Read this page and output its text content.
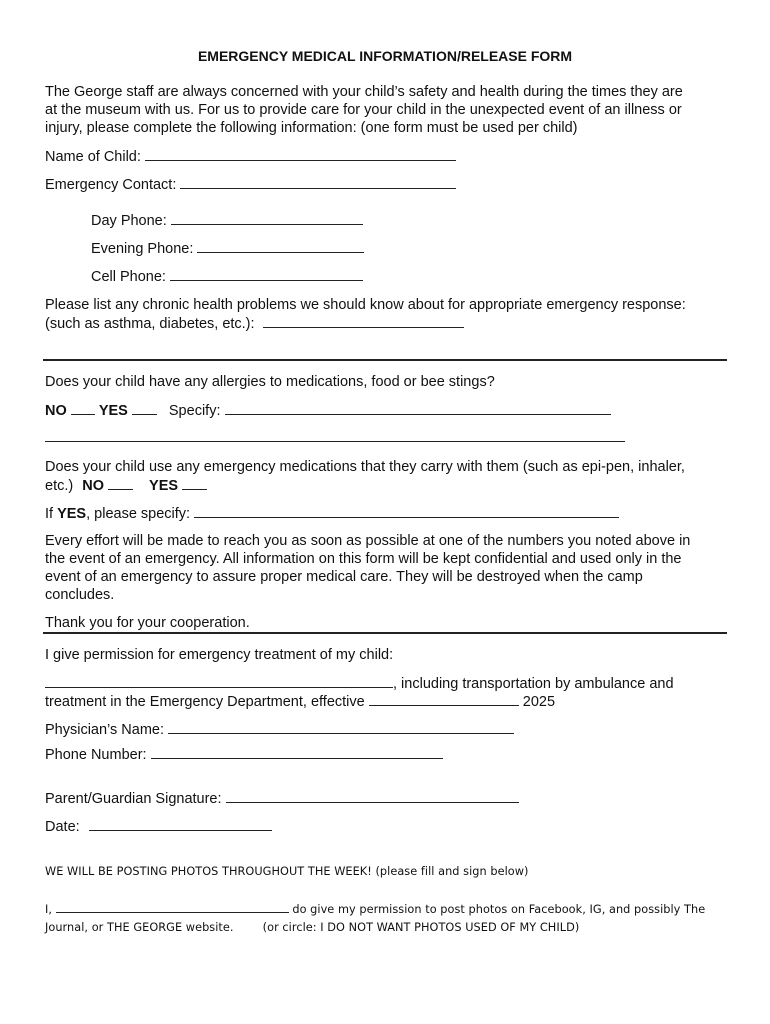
EMERGENCY MEDICAL INFORMATION/RELEASE FORM
The George staff are always concerned with your child’s safety and health during the times they are
at the museum with us. For us to provide care for your child in the unexpected event of an illness or
injury, please complete the following information: (one form must be used per child)
Name of Child:
Emergency Contact:
Day Phone:
Evening Phone:
Cell Phone:
Please list any chronic health problems we should know about for appropriate emergency response:
(such as asthma, diabetes, etc.):
Does your child have any allergies to medications, food or bee stings?
NO YES	Specify:
Does your child use any emergency medications that they carry with them (such as epi-pen, inhaler,
etc.) NO	YES
If YES, please specify:
Every effort will be made to reach you as soon as possible at one of the numbers you noted above in
the event of an emergency. All information on this form will be kept confidential and used only in the
event of an emergency to assure proper medical care. They will be destroyed when the camp
concludes.
Thank you for your cooperation.
I give permission for emergency treatment of my child:
, including transportation by ambulance and
treatment in the Emergency Department, effective	2025
Physician’s Name:
Phone Number:
Parent/Guardian Signature:
Date:
WE WILL BE POSTING PHOTOS THROUGHOUT THE WEEK! (please fill and sign below)
I,	do give my permission to post photos on Facebook, IG, and possibly The
Journal, or THE GEORGE website.        (or circle: I DO NOT WANT PHOTOS USED OF MY CHILD)
